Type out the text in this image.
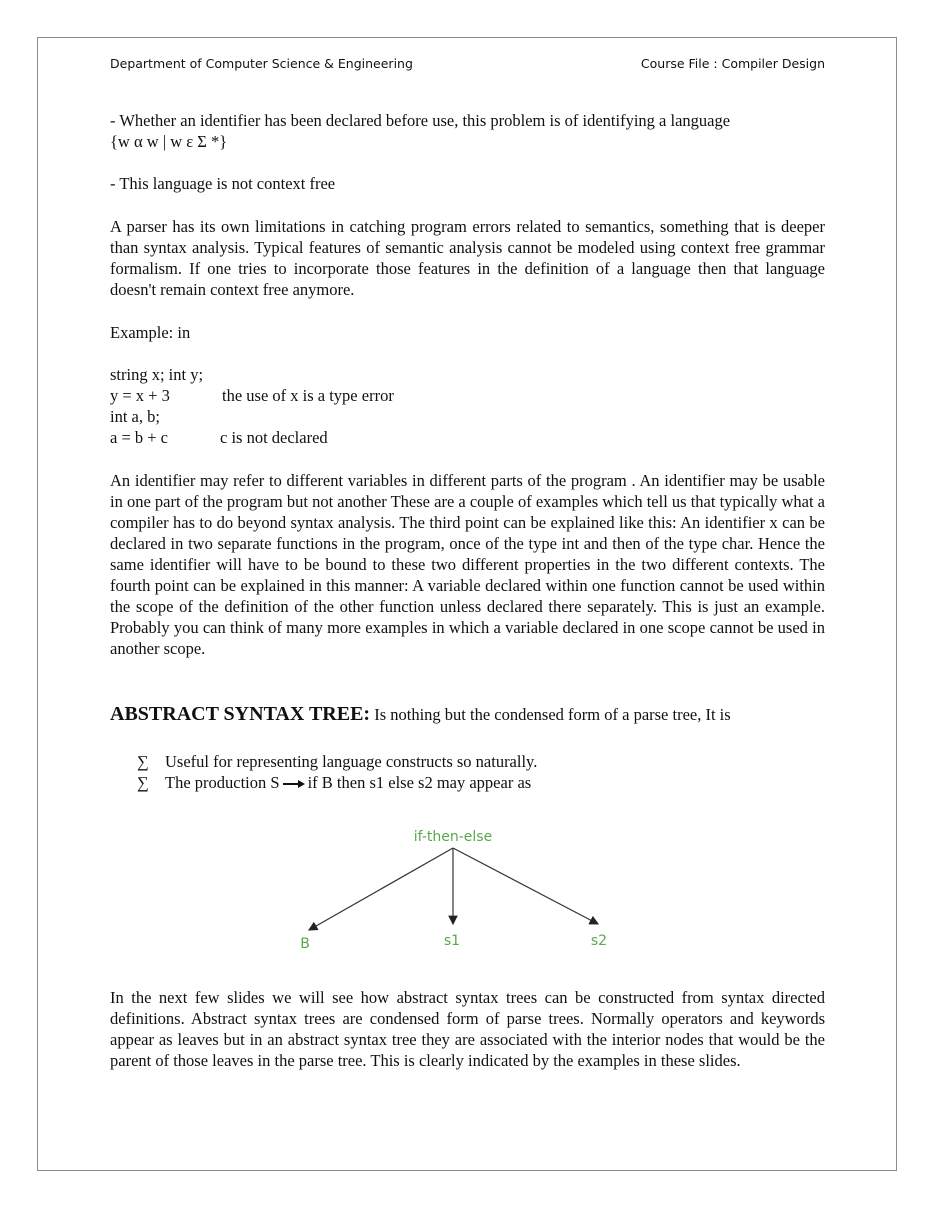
Department of Computer Science & Engineering	Course File : Compiler Design

- Whether an identifier has been declared before use, this problem is of identifying a language

{w α w | w ε Σ *}

- This language is not context free

A parser has its own limitations in catching program errors related to semantics, something that is deeper than syntax analysis. Typical features of semantic analysis cannot be modeled using context free grammar formalism. If one tries to incorporate those features in the definition of a language then that language doesn't remain context free anymore.

Example: in

string x; int y;
y = x + 3	the use of x is a type error
int a, b;
a = b + c	c is not declared

An identifier may refer to different variables in different parts of the program . An identifier may be usable in one part of the program but not another These are a couple of examples which tell us that typically what a compiler has to do beyond syntax analysis. The third point can be explained like this: An identifier x can be declared in two separate functions in the program, once of the type int and then of the type char. Hence the same identifier will have to be bound to these two different properties in the two different contexts. The fourth point can be explained in this manner: A variable declared within one function cannot be used within the scope of the definition of the other function unless declared there separately. This is just an example. Probably you can think of many more examples in which a variable declared in one scope cannot be used in another scope.

ABSTRACT SYNTAX TREE: Is nothing but the condensed form of a parse tree, It is
∑ Useful for representing language constructs so naturally.
∑ The production S if B then s1 else s2 may appear as
if-then-else
B	s1	s2

In the next few slides we will see how abstract syntax trees can be constructed from syntax directed definitions. Abstract syntax trees are condensed form of parse trees. Normally operators and keywords appear as leaves but in an abstract syntax tree they are associated with the interior nodes that would be the parent of those leaves in the parse tree. This is clearly indicated by the examples in these slides.
